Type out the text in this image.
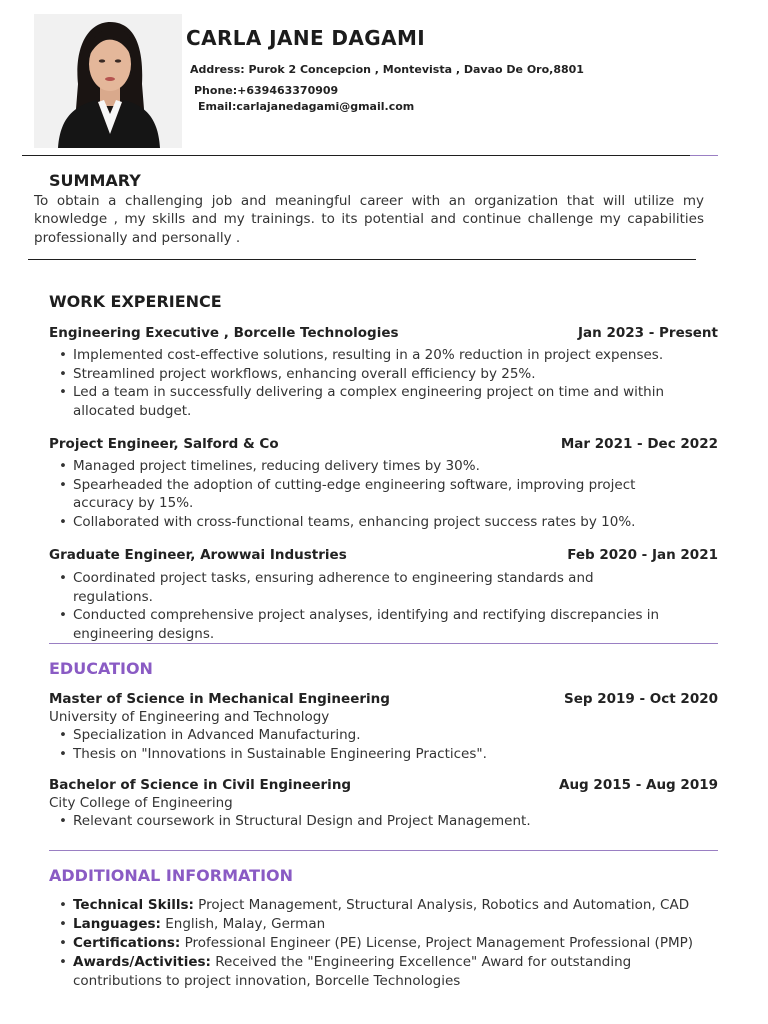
CARLA JANE DAGAMI
Address: Purok 2 Concepcion , Montevista , Davao De Oro,8801
Phone:+639463370909
Email:carlajanedagami@gmail.com
SUMMARY
To obtain a challenging job and meaningful career with an organization that will utilize my knowledge , my skills and my trainings. to its potential and continue challenge my capabilities professionally and personally .
WORK EXPERIENCE
Engineering Executive , Borcelle Technologies	Jan 2023 - Present
• Implemented cost-effective solutions, resulting in a 20% reduction in project expenses.
• Streamlined project workflows, enhancing overall efficiency by 25%.
• Led a team in successfully delivering a complex engineering project on time and within allocated budget.
Project Engineer, Salford & Co	Mar 2021 - Dec 2022
• Managed project timelines, reducing delivery times by 30%.
• Spearheaded the adoption of cutting-edge engineering software, improving project accuracy by 15%.
• Collaborated with cross-functional teams, enhancing project success rates by 10%.
Graduate Engineer, Arowwai Industries	Feb 2020 - Jan 2021
• Coordinated project tasks, ensuring adherence to engineering standards and regulations.
• Conducted comprehensive project analyses, identifying and rectifying discrepancies in engineering designs.
EDUCATION
Master of Science in Mechanical Engineering	Sep 2019 - Oct 2020
University of Engineering and Technology
• Specialization in Advanced Manufacturing.
• Thesis on "Innovations in Sustainable Engineering Practices".
Bachelor of Science in Civil Engineering	Aug 2015 - Aug 2019
City College of Engineering
• Relevant coursework in Structural Design and Project Management.
ADDITIONAL INFORMATION
• Technical Skills: Project Management, Structural Analysis, Robotics and Automation, CAD
• Languages: English, Malay, German
• Certifications: Professional Engineer (PE) License, Project Management Professional (PMP)
• Awards/Activities: Received the "Engineering Excellence" Award for outstanding contributions to project innovation, Borcelle Technologies
